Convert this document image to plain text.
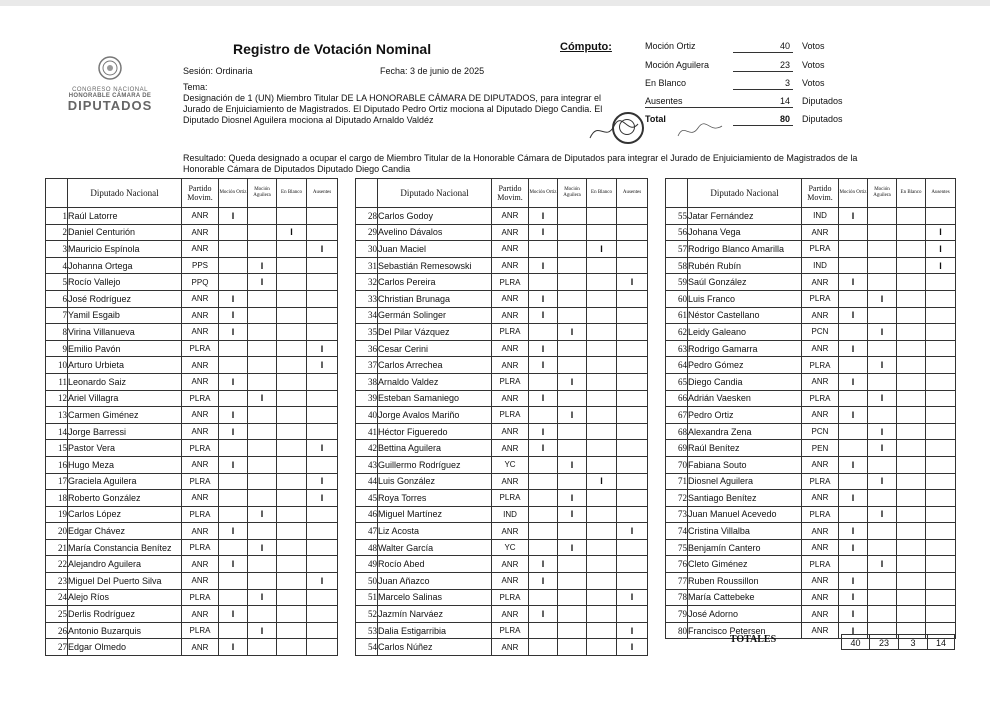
CONGRESO NACIONAL
HONORABLE CÁMARA DE
DIPUTADOS
Registro de Votación Nominal
Sesión: Ordinaria	Fecha: 3 de junio de 2025
Tema:
Designación de 1 (UN) Miembro Titular DE LA HONORABLE CÁMARA DE DIPUTADOS, para integrar el Jurado de Enjuiciamiento de Magistrados. El Diputado Pedro Ortiz mociona al Diputado Diego Candia. El Diputado Diosnel Aguilera mociona al Diputado Arnaldo Valdéz
Cómputo:	Moción Ortiz	40 Votos
Moción Aguilera	23 Votos
En Blanco	3 Votos
Ausentes	14 Diputados
Total	80 Diputados
Resultado: Queda designado a ocupar el cargo de Miembro Titular de la Honorable Cámara de Diputados para integrar el Jurado de Enjuiciamiento de Magistrados de la Honorable Cámara de Diputados Diputado Diego Candia
	Diputado Nacional	Partido Movim.	Moción Ortiz	Moción Aguilera	En Blanco	Ausentes
1	Raúl Latorre	ANR	I			
2	Daniel Centurión	ANR			I	
3	Mauricio Espínola	ANR				I
4	Johanna Ortega	PPS		I		
5	Rocío Vallejo	PPQ		I		
6	José Rodríguez	ANR	I			
7	Yamil Esgaib	ANR	I			
8	Virina Villanueva	ANR	I			
9	Emilio Pavón	PLRA				I
10	Arturo Urbieta	ANR				I
11	Leonardo Saiz	ANR	I			
12	Ariel Villagra	PLRA		I		
13	Carmen Giménez	ANR	I			
14	Jorge Barressi	ANR	I			
15	Pastor Vera	PLRA				I
16	Hugo Meza	ANR	I			
17	Graciela Aguilera	PLRA				I
18	Roberto González	ANR				I
19	Carlos López	PLRA		I		
20	Edgar Chávez	ANR	I			
21	María Constancia Benítez	PLRA		I		
22	Alejandro Aguilera	ANR	I			
23	Miguel Del Puerto Silva	ANR				I
24	Alejo Ríos	PLRA		I		
25	Derlis Rodríguez	ANR	I			
26	Antonio Buzarquis	PLRA		I		
27	Edgar Olmedo	ANR	I			
	Diputado Nacional	Partido Movim.	Moción Ortiz	Moción Aguilera	En Blanco	Ausentes
28	Carlos Godoy	ANR	I			
29	Avelino Dávalos	ANR	I			
30	Juan Maciel	ANR			I	
31	Sebastián Remesowski	ANR	I			
32	Carlos Pereira	PLRA				I
33	Christian Brunaga	ANR	I			
34	Germán Solinger	ANR	I			
35	Del Pilar Vázquez	PLRA		I		
36	Cesar Cerini	ANR	I			
37	Carlos Arrechea	ANR	I			
38	Arnaldo Valdez	PLRA		I		
39	Esteban Samaniego	ANR	I			
40	Jorge Avalos Mariño	PLRA		I		
41	Héctor Figueredo	ANR	I			
42	Bettina Aguilera	ANR	I			
43	Guillermo Rodríguez	YC		I		
44	Luis González	ANR			I	
45	Roya Torres	PLRA		I		
46	Miguel Martínez	IND		I		
47	Liz Acosta	ANR				I
48	Walter García	YC		I		
49	Rocío Abed	ANR	I			
50	Juan Añazco	ANR	I			
51	Marcelo Salinas	PLRA				I
52	Jazmín Narváez	ANR	I			
53	Dalia Estigarribia	PLRA				I
54	Carlos Núñez	ANR				I
	Diputado Nacional	Partido Movim.	Moción Ortiz	Moción Aguilera	En Blanco	Ausentes
55	Jatar Fernández	IND	I			
56	Johana Vega	ANR				I
57	Rodrigo Blanco Amarilla	PLRA				I
58	Rubén Rubín	IND				I
59	Saúl González	ANR	I			
60	Luis Franco	PLRA		I		
61	Néstor Castellano	ANR	I			
62	Leidy Galeano	PCN		I		
63	Rodrigo Gamarra	ANR	I			
64	Pedro Gómez	PLRA		I		
65	Diego Candia	ANR	I			
66	Adrián Vaesken	PLRA		I		
67	Pedro Ortiz	ANR	I			
68	Alexandra Zena	PCN		I		
69	Raúl Benítez	PEN		I		
70	Fabiana Souto	ANR	I			
71	Diosnel Aguilera	PLRA		I		
72	Santiago Benítez	ANR	I			
73	Juan Manuel Acevedo	PLRA		I		
74	Cristina Villalba	ANR	I			
75	Benjamín Cantero	ANR	I			
76	Cleto Giménez	PLRA		I		
77	Ruben Roussillon	ANR	I			
78	María Cattebeke	ANR	I			
79	José Adorno	ANR	I			
80	Francisco Petersen	ANR	I			
TOTALES	40	23	3	14
